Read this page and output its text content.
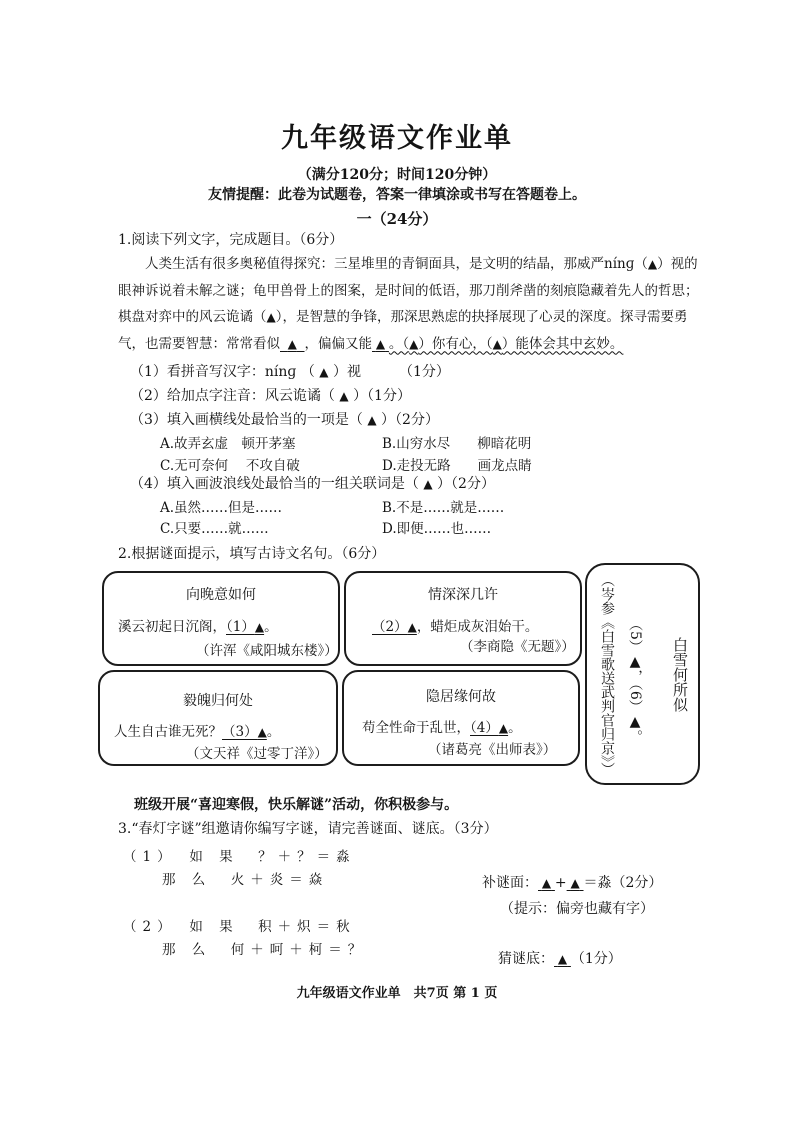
九年级语文作业单
（满分120分；时间120分钟）
友情提醒：此卷为试题卷，答案一律填涂或书写在答题卷上。
一（24分）
1.阅读下列文字，完成题目。（6分）
人类生活有很多奥秘值得探究：三星堆里的青铜面具，是文明的结晶，那威严nínɡ（▲）视的眼神诉说着未解之谜；龟甲兽骨上的图案，是时间的低语，那刀削斧凿的刻痕隐藏着先人的哲思；棋盘对弈中的风云诡谲（▲），是智慧的争锋，那深思熟虑的抉择展现了心灵的深度。探寻需要勇气，也需要智慧：常常看似 ▲ ，偏偏又能 ▲ 。（▲）你有心，（▲）能体会其中玄妙。
（1）看拼音写汉字：nínɡ （ ▲ ）视	（1分）
（2）给加点字注音：风云诡谲（ ▲ ）（1分）
（3）填入画横线处最恰当的一项是（ ▲ ）（2分）
A.故弄玄虚　顿开茅塞	B.山穷水尽　　柳暗花明
C.无可奈何　 不攻自破	D.走投无路　　画龙点睛
（4）填入画波浪线处最恰当的一组关联词是（ ▲ ）（2分）
A.虽然……但是……	B.不是……就是……
C.只要……就……	D.即便……也……
2.根据谜面提示，填写古诗文名句。（6分）
向晚意如何
溪云初起日沉阁，（1）▲。
（许浑《咸阳城东楼》）
情深深几许
（2）▲，蜡炬成灰泪始干。
（李商隐《无题》）
毅魄归何处
人生自古谁无死？（3）▲。
（文天祥《过零丁洋》）
隐居缘何故
苟全性命于乱世，（4）▲。
（诸葛亮《出师表》）	（岑参《白雪歌送武判官归京》） （5）▲，（6）▲。
白雪何所似
班级开展“喜迎寒假，快乐解谜”活动，你积极参与。
3.“春灯字谜”组邀请你编写字谜，请完善谜面、谜底。（3分）
（1）　如 果　？＋？＝淼
那 么　火＋炎＝焱	补谜面： ▲ + ▲ ＝淼（2分）
（提示：偏旁也藏有字）
（2）　如 果　积＋炽＝秋
那 么　何＋呵＋柯＝？
猜谜底： ▲ （1分）
九年级语文作业单　共7页 第 1 页
